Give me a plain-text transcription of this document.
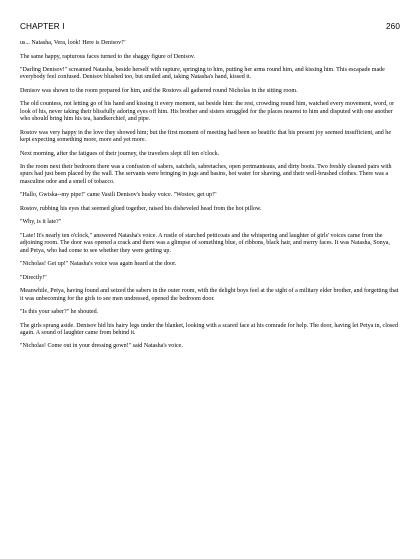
CHAPTER I	260

us... Natasha, Vera, look! Here is Denisov!"

The same happy, rapturous faces turned to the shaggy figure of Denisov.

"Darling Denisov!" screamed Natasha, beside herself with rapture, springing to him, putting her arms round him, and kissing him. This escapade made everybody feel confused. Denisov blushed too, but smiled and, taking Natasha's hand, kissed it.

Denisov was shown to the room prepared for him, and the Rostovs all gathered round Nicholas in the sitting room.

The old countess, not letting go of his hand and kissing it every moment, sat beside him: the rest, crowding round him, watched every movement, word, or look of his, never taking their blissfully adoring eyes off him. His brother and sisters struggled for the places nearest to him and disputed with one another who should bring him his tea, handkerchief, and pipe.

Rostov was very happy in the love they showed him; but the first moment of meeting had been so beatific that his present joy seemed insufficient, and he kept expecting something more, more and yet more.

Next morning, after the fatigues of their journey, the travelers slept till ten o'clock.

In the room next their bedroom there was a confusion of sabers, satchels, sabretaches, open portmanteaus, and dirty boots. Two freshly cleaned pairs with spurs had just been placed by the wall. The servants were bringing in jugs and basins, hot water for shaving, and their well-brushed clothes. There was a masculine odor and a smell of tobacco.

"Hallo, Gwiska--my pipe!" came Vasili Denisov's husky voice. "Wostov, get up!"

Rostov, rubbing his eyes that seemed glued together, raised his disheveled head from the hot pillow.

"Why, is it late?"

"Late! It's nearly ten o'clock," answered Natasha's voice. A rustle of starched petticoats and the whispering and laughter of girls' voices came from the adjoining room. The door was opened a crack and there was a glimpse of something blue, of ribbons, black hair, and merry faces. It was Natasha, Sonya, and Petya, who had come to see whether they were getting up.

"Nicholas! Get up!" Natasha's voice was again heard at the door.

"Directly!"

Meanwhile, Petya, having found and seized the sabers in the outer room, with the delight boys feel at the sight of a military elder brother, and forgetting that it was unbecoming for the girls to see men undressed, opened the bedroom door.

"Is this your saber?" he shouted.

The girls sprang aside. Denisov hid his hairy legs under the blanket, looking with a scared face at his comrade for help. The door, having let Petya in, closed again. A sound of laughter came from behind it.

"Nicholas! Come out in your dressing gown!" said Natasha's voice.
